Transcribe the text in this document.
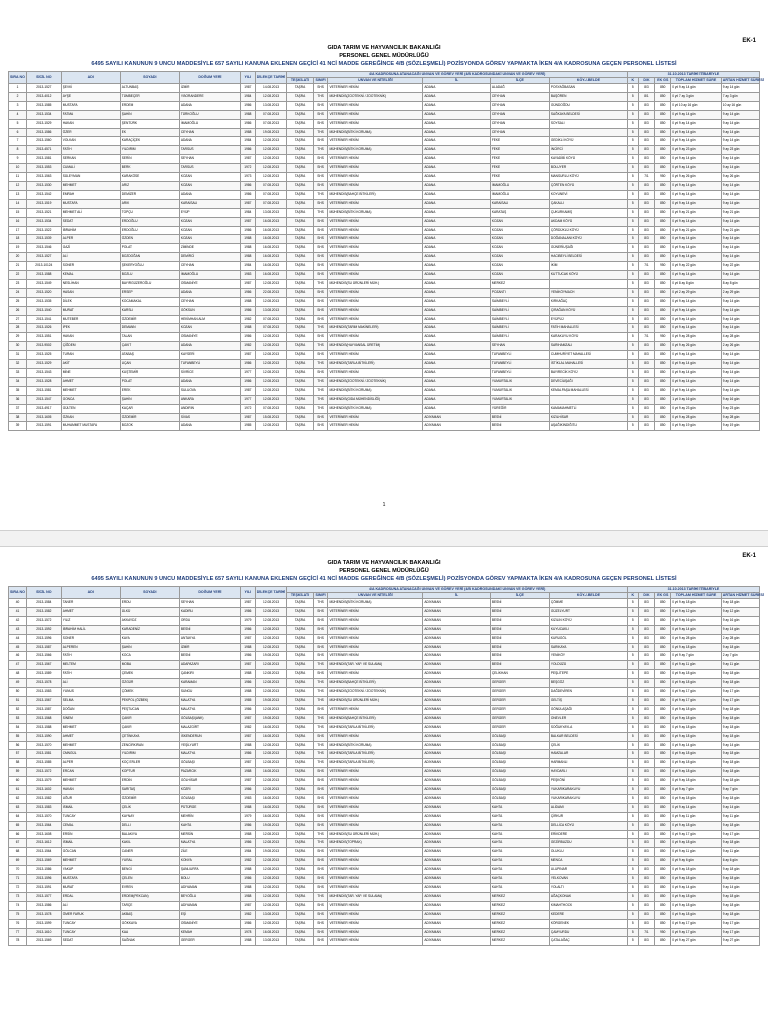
EK-1
GIDA TARIM VE HAYVANCILIK BAKANLIĞI
PERSONEL GENEL MÜDÜRLÜĞÜ
6495 SAYILI KANUNUN 9 UNCU MADDESİYLE 657 SAYILI KANUNA EKLENEN GEÇİCİ 41 NCİ MADDE GEREĞİNCE 4/B (SÖZLEŞMELİ) POZİSYONDA GÖREV YAPMAKTA İKEN 4/A KADROSUNA GEÇEN PERSONEL LİSTESİ
SIRA NO	SİCİL NO	ADI	SOYADI	DOĞUM YERİ	YILI	DİLEKÇE TARİHİ	4/A KADROSUNA ATANACAĞI UNVAN VE GÖREV YERİ (4/B KADROSUNDAKİ UNVAN VE GÖREV YERİ)						31.10.2013 TARİHİ İTİBARİYLE				
							TEŞKİLATI	SINIFI	UNVAN VE NİTELİĞİ	İL	İLÇE	KÖY-/-BELDE	K	D/K	EK GS	TOPLAM HİZMET SÜRE	ARTAN HİZMET SÜRESİ
1	2013-1527	ŞEVKİ	ALTUNBAŞ	İZMİR	1987	14.08.2013	TAŞRA	SHS	VETERİNER HEKİM	ADANA	ALADAĞ	POSYAĞBASAN	5	8/3	850	0 yıl 9 ay 14 gün	9 ay 14 gün
2	2013-4012	AYŞE	TÜMBEÇER	Y.BORANDERE	1984	12.08.2013	TAŞRA	THS	MÜHENDİS(ZOOTEKNİ / ZOOTEKNİK)	ADANA	CEYHAN	BAŞÖREN	5	8/1	850	0 yıl 7 ay 3 gün	7 ay 3 gün
3	2013-1585	MUSTAFA	ERDEM	ADANA	1986	13.08.2013	TAŞRA	SHS	VETERİNER HEKİM	ADANA	CEYHAN	GÜNDOĞDU	5	8/3	850	0 yıl 10 ay 16 gün	10 ay 16 gün
4	2013-1534	FATMA	ŞAHİN	TÜRKOĞLU	1988	07.08.2013	TAŞRA	SHS	VETERİNER HEKİM	ADANA	CEYHAN	SAĞKAYA BELDESİ	5	8/3	850	0 yıl 9 ay 14 gün	9 ay 14 gün
5	2013-1529	HAKAN	ŞENTÜRK	İMAMOĞLU	1986	07.08.2013	TAŞRA	SHS	VETERİNER HEKİM	ADANA	CEYHAN	SOYSALI	5	8/3	850	0 yıl 9 ay 14 gün	9 ay 14 gün
6	2013-1586	ÖZER	EK	CEYHAN	1988	19.08.2013	TAŞRA	THS	MÜHENDİS(BİTKİ KORUMA)	ADANA	CEYHAN		5	8/3	850	0 yıl 9 ay 14 gün	9 ay 14 gün
7	2013-1560	VOLKAN	KARAÇİÇEK	ADANA	1984	12.08.2013	TAŞRA	SHS	VETERİNER HEKİM	ADANA	FEKE	GEDİKLİ KÖYÜ	5	8/3	850	0 yıl 9 ay 14 gün	9 ay 14 gün
8	2013-4571	FATİH	YILDIRIM	TARSUS	1986	12.08.2013	TAŞRA	THS	MÜHENDİS(BİTKİ KORUMA)	ADANA	FEKE	İNCİRCİ	5	8/3	850	0 yıl 9 ay 23 gün	9 ay 23 gün
9	2013-1581	SERKAN	SERİN	SEYHAN	1987	12.08.2013	TAŞRA	SHS	VETERİNER HEKİM	ADANA	FEKE	KAYADİBİ KÖYÜ	5	8/3	850	0 yıl 9 ay 14 gün	9 ay 14 gün
10	2013-1553	CUMALİ	BERK	TARSUS	1972	12.08.2013	TAŞRA	SHS	VETERİNER HEKİM	ADANA	FEKE	BOLUYER	5	8/3	850	0 yıl 9 ay 14 gün	9 ay 14 gün
11	2013-1563	SÜLEYMAN	KARAKÖSE	KOZAN	1973	12.08.2013	TAŞRA	SHS	VETERİNER HEKİM	ADANA	FEKE	MANSURLU KÖYÜ	5	7/1	950	0 yıl 9 ay 26 gün	9 ay 26 gün
12	2013-1530	MEHMET	ARIZ	KOZAN	1986	07.08.2013	TAŞRA	SHS	VETERİNER HEKİM	ADANA	İMAMOĞLU	ÇÖRTEN KÖYÜ	5	8/3	850	0 yıl 9 ay 14 gün	9 ay 14 gün
13	2013-1542	EMRAH	DEMİZER	ADANA	1986	07.08.2013	TAŞRA	THS	MÜHENDİS(BAHÇE BİTKİLERİ)	ADANA	İMAMOĞLU	KOYUNEVİ	5	8/3	850	0 yıl 9 ay 14 gün	9 ay 14 gün
14	2013-1519	MUSTAFA	ARIK	KARAİSALI	1987	07.08.2013	TAŞRA	SHS	VETERİNER HEKİM	ADANA	KARAİSALI	ÇAKALLI	5	8/3	850	0 yıl 9 ay 14 gün	9 ay 14 gün
15	2013-1521	MEHMET ALİ	TOPÇU	EYÜP	1984	13.08.2013	TAŞRA	THS	MÜHENDİS(BİTKİ KORUMA)	ADANA	KARATAŞ	ÇUKURKAMIŞ	5	8/3	850	0 yıl 9 ay 21 gün	9 ay 21 gün
16	2013-1534	SEDAT	ERDOĞLU	KOZAN	1987	16.08.2013	TAŞRA	SHS	VETERİNER HEKİM	ADANA	KOZAN	AKDAM KÖYÜ	5	8/3	850	0 yıl 9 ay 14 gün	9 ay 14 gün
17	2013-1522	İBRAHİM	ERDOĞLU	KOZAN	1986	16.08.2013	TAŞRA	SHS	VETERİNER HEKİM	ADANA	KOZAN	ÇÖRDÜKLÜ KÖYÜ	5	8/3	850	0 yıl 9 ay 21 gün	9 ay 21 gün
18	2013-1539	ALPER	ÖZDEN	KOZAN	1988	16.08.2013	TAŞRA	SHS	VETERİNER HEKİM	ADANA	KOZAN	DOĞANALANI KÖYÜ	5	8/3	850	0 yıl 9 ay 14 gün	9 ay 14 gün
19	2013-1546	GAZİ	POLAT	ZİMİNDE	1988	16.08.2013	TAŞRA	SHS	VETERİNER HEKİM	ADANA	KOZAN	GÜNERİUŞAĞI	5	8/3	850	0 yıl 9 ay 14 gün	9 ay 14 gün
20	2013-1527	ALİ	BOZDOĞAN	DEMİRCİ	1988	16.08.2013	TAŞRA	SHS	VETERİNER HEKİM	ADANA	KOZAN	HACIBEYLİ BELDESİ	5	8/3	850	0 yıl 9 ay 14 gün	9 ay 14 gün
21	2013-10124	SONER	ŞEKERYOĞLU	CEYHAN	1984	16.08.2013	TAŞRA	SHS	VETERİNER HEKİM	ADANA	KOZAN	İKİM	5	7/1	950	0 yıl 9 ay 22 gün	9 ay 22 gün
22	2013-1588	KEMAL	BOZLU	İMAMOĞLU	1983	16.08.2013	TAŞRA	SHS	VETERİNER HEKİM	ADANA	KOZAN	KUTTUCAK KÖYÜ	5	8/3	850	0 yıl 9 ay 14 gün	9 ay 14 gün
23	2013-1549	NESLİHAN	BAYIRGÜZEROĞLU	OSMANİYE	1987	12.08.2013	TAŞRA	THS	MÜHENDİS(SU ÜRÜNLERİ MÜH.)	ADANA	MERKEZ		5	8/3	850	0 yıl 8 ay 8 gün	8 ay 8 gün
24	2013-1520	HASAN	ERSEP	ADANA	1986	22.08.2013	TAŞRA	SHS	VETERİNER HEKİM	ADANA	POZANTI	YENİKÖYMACH	5	8/3	850	0 yıl 2 ay 29 gün	2 ay 29 gün
25	2013-1535	DİLEK	KOCAMAKAL	CEYHAN	1988	12.08.2013	TAŞRA	SHS	VETERİNER HEKİM	ADANA	SAİMBEYLİ	KIRKAĞAÇ	5	8/3	850	0 yıl 9 ay 14 gün	9 ay 14 gün
26	2013-1540	MURAT	KARSLI	GÖKSUN	1986	13.08.2013	TAŞRA	SHS	VETERİNER HEKİM	ADANA	SAİMBEYLİ	ÇIRAĞAN KÖYÜ	5	8/3	850	0 yıl 9 ay 14 gün	9 ay 14 gün
27	2013-1541	MUTEBER	ÖZDEMİR	HEKİMHAN ALM	1982	07.08.2013	TAŞRA	SHS	VETERİNER HEKİM	ADANA	SAİMBEYLİ	EYÜPLÜ	5	8/3	850	0 yıl 9 ay 14 gün	9 ay 14 gün
28	2013-1526	İPEK	DEMANN	KOZAN	1988	07.08.2013	TAŞRA	THS	MÜHENDİS(TARIM MAKİNELERİ)	ADANA	SAİMBEYLİ	FATİH MAHALLESİ	5	8/3	850	0 yıl 9 ay 14 gün	9 ay 14 gün
29	2013-1551	HAKAN	TALAN	OSMANİYE	1986	12.08.2013	TAŞRA	SHS	VETERİNER HEKİM	ADANA	SAİMBEYLİ	KARAKUYU KÖYÜ	5	7/1	950	0 yıl 9 ay 28 gün	4 ay 28 gün
30	2013-9502	ÇİĞDEM	ÇAKIT	ADANA	1982	12.08.2013	TAŞRA	THS	MÜHENDİS(HAYVANSAL ÜRETİM)	ADANA	SEYHAN	SARIHAMZALI	5	8/3	850	0 yıl 9 ay 26 gün	2 ay 26 gün
31	2013-1525	TURAN	ATABAŞ	KAYSERİ	1987	12.08.2013	TAŞRA	SHS	VETERİNER HEKİM	ADANA	TUFANBEYLİ	CUMHURİYET MAHALLESİ	5	8/3	850	0 yıl 9 ay 14 gün	9 ay 14 gün
32	2013-1529	AKİT	UÇAN	TUFANBEYLİ	1986	12.08.2013	TAŞRA	THS	MÜHENDİS(TARLA BİTKİLERİ)	ADANA	TUFANBEYLİ	İSTİKLAL MAHALLESİ	5	8/3	850	0 yıl 9 ay 14 gün	9 ay 14 gün
33	2013-1543	MİNE	KUŞTEMİR	SİVRİCE	1977	12.08.2013	TAŞRA	SHS	VETERİNER HEKİM	ADANA	TUFANBEYLİ	BAYIRECİK KÖYÜ	5	8/3	850	0 yıl 9 ay 14 gün	9 ay 14 gün
34	2013-1528	AHMET	POLAT	ADANA	1986	12.08.2013	TAŞRA	THS	MÜHENDİS(ZOOTEKNİ / ZOOTEKNİK)	ADANA	YUMURTALIK	DEVECİUŞAĞI	5	8/3	850	0 yıl 9 ay 14 gün	9 ay 14 gün
35	2013-1581	MEHMET	EREK	SULUOVA	1987	12.08.2013	TAŞRA	THS	MÜHENDİS(BİTKİ KORUMA)	ADANA	YUMURTALIK	KEMALPAŞA MAHALLESİ	5	8/3	850	0 yıl 9 ay 14 gün	9 ay 14 gün
36	2013-1547	GONCA	ŞAHİN	ANKARA	1977	12.08.2013	TAŞRA	THS	MÜHENDİS(GIDA MÜHENDİSLİĞİ)	ADANA	YUMURTALIK		5	8/3	850	1 yıl 0 ay 16 gün	9 ay 16 gün
37	2013-4917	GÜLTEN	KAÇAR	ANDIRIN	1972	07.08.2013	TAŞRA	THS	MÜHENDİS(BİTKİ KORUMA)	ADANA	YÜREĞİR	KAMAMAHMETLİ	5	8/3	850	0 yıl 9 ay 23 gün	9 ay 23 gün
38	2013-1605	ÖZKAN	ÖZDEMİR	SİVAS	1987	15.08.2013	TAŞRA	SHS	VETERİNER HEKİM	ADIYAMAN	BESNİ	KIZILHİSAR	5	8/3	850	0 yıl 9 ay 28 gün	9 ay 28 gün
39	2013-1591	MUHAMMET MUSTAFA	BOZOK	ADANA	1985	12.08.2013	TAŞRA	SHS	VETERİNER HEKİM	ADIYAMAN	BESNİ	AŞAĞIKINDIĞITLI	5	8/3	850	0 yıl 9 ay 19 gün	9 ay 19 gün
1
EK-1
GIDA TARIM VE HAYVANCILIK BAKANLIĞI
PERSONEL GENEL MÜDÜRLÜĞÜ
6495 SAYILI KANUNUN 9 UNCU MADDESİYLE 657 SAYILI KANUNA EKLENEN GEÇİCİ 41 NCİ MADDE GEREĞİNCE 4/B (SÖZLEŞMELİ) POZİSYONDA GÖREV YAPMAKTA İKEN 4/A KADROSUNA GEÇEN PERSONEL LİSTESİ
SIRA NO	SİCİL NO	ADI	SOYADI	DOĞUM YERİ	YILI	DİLEKÇE TARİHİ	4/A KADROSUNA ATANACAĞI UNVAN VE GÖREV YERİ (4/B KADROSUNDAKİ UNVAN VE GÖREV YERİ)						31.10.2013 TARİHİ İTİBARİYLE				
							TEŞKİLATI	SINIFI	UNVAN VE NİTELİĞİ	İL	İLÇE	KÖY-/-BELDE	K	D/K	EK GS	TOPLAM HİZMET SÜRE	ARTAN HİZMET SÜRESİ
40	2013-1584	TANER	ERDU	SEYHAN	1987	12.08.2013	TAŞRA	THS	MÜHENDİS(BİTKİ KORUMA)	ADIYAMAN	BESNİ	ÇÖMME	5	8/3	850	0 yıl 9 ay 18 gün	9 ay 18 gün
41	2013-1582	AHMET	ÜLKÜ	KADIRLI	1986	12.08.2013	TAŞRA	SHS	VETERİNER HEKİM	ADIYAMAN	BESNİ	GÜZELYURT	5	8/3	850	0 yıl 9 ay 12 gün	9 ay 12 gün
42	2013-1572	YILIZ	AKKAYDZ	ORDU	1979	12.08.2013	TAŞRA	SHS	VETERİNER HEKİM	ADIYAMAN	BESNİ	KIZILIN KÖYÜ	5	8/3	850	0 yıl 9 ay 16 gün	9 ay 16 gün
43	2013-1592	İBRAHİM HALİL	KARADENİZ	BESNİ	1986	12.08.2013	TAŞRA	SHS	VETERİNER HEKİM	ADIYAMAN	BESNİ	KUYUCAKLI	5	8/3	850	0 yıl 9 ay 14 gün	9 ay 14 gün
44	2013-1596	SONER	KAYA	ANTAKYA	1987	12.08.2013	TAŞRA	SHS	VETERİNER HEKİM	ADIYAMAN	BESNİ	KURUGÖL	5	8/3	850	0 yıl 9 ay 28 gün	2 ay 28 gün
45	2013-1587	ALPEREN	ŞAHİN	İZMİR	1988	12.08.2013	TAŞRA	SHS	VETERİNER HEKİM	ADIYAMAN	BESNİ	SARIKAYA	5	8/3	850	0 yıl 9 ay 18 gün	9 ay 18 gün
46	2013-1566	FATİH	KOCA	BESNİ	1986	19.08.2013	TAŞRA	SHS	VETERİNER HEKİM	ADIYAMAN	BESNİ	YENİKÖY	5	8/3	850	0 yıl 9 ay 7 gün	2 ay 7 gün
47	2013-1567	MELTEM	MOBA	ADAPAZARI	1987	12.08.2013	TAŞRA	THS	MÜHENDİS(TAR. YAP. VE SULAMA)	ADIYAMAN	BESNİ	YOLDÜZÜ	5	8/3	850	0 yıl 9 ay 11 gün	9 ay 11 gün
48	2013-1589	FATİH	ÇEMEK	ÇANKIRI	1988	12.08.2013	TAŞRA	SHS	VETERİNER HEKİM	ADIYAMAN	ÇELİKHAN	PEŞLİTEPE	5	8/3	850	0 yıl 9 ay 18 gün	9 ay 18 gün
49	2013-1578	ALİ	ÖZGÜR	KARAMAN	1986	12.08.2013	TAŞRA	THS	MÜHENDİS(BAHÇE BİTKİLERİ)	ADIYAMAN	GERGER	BEŞGÖZ	5	8/3	850	0 yıl 9 ay 18 gün	9 ay 18 gün
50	2013-1583	YUNUS	ÇÖMEK	SUNGU	1988	12.08.2013	TAŞRA	THS	MÜHENDİS(ZOOTEKNİ / ZOOTEKNİK)	ADIYAMAN	GERGER	DAĞDEVİREN	5	8/3	850	0 yıl 9 ay 17 gün	9 ay 17 gün
51	2013-1567	SELMA	PEKPOL (ÖZBEK)	MALATYA	1985	19.08.2013	TAŞRA	THS	MÜHENDİS(SU ÜRÜNLERİ MÜH.)	ADIYAMAN	GERGER	GELTİŞ	5	8/3	850	0 yıl 9 ay 17 gün	9 ay 17 gün
52	2013-1587	DOĞAN	PEŞTUCAN	MALATYA	1986	12.08.2013	TAŞRA	SHS	VETERİNER HEKİM	ADIYAMAN	GERGER	GÖNÜLAŞAĞI	5	8/3	850	0 yıl 9 ay 18 gün	9 ay 18 gün
53	2013-1568	SİNEM	ÇAKIR	GÖLBAŞI(ANK)	1987	19.08.2013	TAŞRA	THS	MÜHENDİS(BAHÇE BİTKİLERİ)	ADIYAMAN	GERGER	ONEVLER	5	8/3	850	0 yıl 9 ay 18 gün	9 ay 18 gün
54	2013-1588	MEHMET	ÇAKIR	MALAZGİRT	1982	16.08.2013	TAŞRA	THS	MÜHENDİS(TARLA BİTKİLERİ)	ADIYAMAN	GERGER	SOĞUKYAYLA	5	8/3	850	0 yıl 9 ay 18 gün	9 ay 18 gün
55	2013-1590	AHMET	ÇETİNKAYA	İSKENDERUN	1987	16.08.2013	TAŞRA	SHS	VETERİNER HEKİM	ADIYAMAN	GÖLBAŞI	BALKAR BELDESİ	5	8/3	850	0 yıl 9 ay 18 gün	9 ay 18 gün
56	2013-1570	MEHMET	ZENCİRKIRAN	YEŞİLYURT	1988	12.08.2013	TAŞRA	THS	MÜHENDİS(BİTKİ KORUMA)	ADIYAMAN	GÖLBAŞI	ÇELİK	5	8/3	850	0 yıl 9 ay 14 gün	9 ay 14 gün
57	2013-1581	CMNGÜL	YILDIRIM	MALATYA	1986	12.08.2013	TAŞRA	THS	MÜHENDİS(TARLA BİTKİLERİ)	ADIYAMAN	GÖLBAŞI	HAMZALAR	5	8/3	850	0 yıl 9 ay 18 gün	9 ay 18 gün
58	2013-1585	ALPER	KOÇ ERLER	GÖLBAŞI	1987	12.08.2013	TAŞRA	THS	MÜHENDİS(TARLA BİTKİLERİ)	ADIYAMAN	GÖLBAŞI	HARMANLI	5	8/3	850	0 yıl 9 ay 18 gün	9 ay 18 gün
59	2013-1572	ERCAN	KOPTUR	PAZARCIK	1988	16.08.2013	TAŞRA	SHS	VETERİNER HEKİM	ADIYAMAN	GÖLBAŞI	HAYDARLI	5	8/3	850	0 yıl 9 ay 18 gün	9 ay 18 gün
60	2013-1579	MEHMET	ERDİN	GÖLHİSAR	1987	12.08.2013	TAŞRA	SHS	VETERİNER HEKİM	ADIYAMAN	GÖLBAŞI	PEŞKÖNİ	5	8/3	850	0 yıl 9 ay 18 gün	9 ay 18 gün
61	2013-1602	HAKAN	SARITAŞ	KÖZRİ	1986	12.08.2013	TAŞRA	SHS	VETERİNER HEKİM	ADIYAMAN	GÖLBAŞI	YUKARIKARAKUYU	5	8/3	850	0 yıl 9 ay 7 gün	9 ay 7 gün
62	2013-1582	UĞUR	ÖZDEMİR	GÖLBAŞI	1983	16.08.2013	TAŞRA	SHS	VETERİNER HEKİM	ADIYAMAN	GÖLBAŞI	YUKARIKARAKUYU	5	8/3	850	0 yıl 9 ay 18 gün	9 ay 18 gün
63	2013-1583	İSMAİL	ÇELİK	PÜTÜRGE	1988	16.08.2013	TAŞRA	SHS	VETERİNER HEKİM	ADIYAMAN	KAHTA	ALİDAMI	5	8/3	850	0 yıl 9 ay 14 gün	9 ay 14 gün
64	2013-1570	TUNCAY	KAYNAY	MEHRİN	1979	16.08.2013	TAŞRA	SHS	VETERİNER HEKİM	ADIYAMAN	KAHTA	ÇİRKUR	5	8/3	850	0 yıl 9 ay 11 gün	9 ay 11 gün
65	2013-1564	CEMAL	DELLI	KAHTA	1986	19.08.2013	TAŞRA	SHS	VETERİNER HEKİM	ADIYAMAN	KAHTA	DELLİCA KÖYÜ	5	8/3	850	0 yıl 9 ay 18 gün	9 ay 18 gün
66	2013-1608	ERSİN	BALAKIYA	MERSİN	1988	12.08.2013	TAŞRA	THS	MÜHENDİS(SU ÜRÜNLERİ MÜH.)	ADIYAMAN	KAHTA	ERİKDERE	5	8/3	850	0 yıl 9 ay 17 gün	9 ay 17 gün
67	2013-1612	İSMAİL	KAKIL	MALATYA	1986	12.08.2013	TAŞRA	THS	MÜHENDİS(TOPRAK)	ADIYAMAN	KAHTA	GEZİRBUZDU	5	8/3	850	0 yıl 9 ay 18 gün	9 ay 18 gün
68	2013-1564	GÖLCAN	CANER	ZİLE	1984	19.08.2013	TAŞRA	SHS	VETERİNER HEKİM	ADIYAMAN	KAHTA	OLUKLU	5	8/3	850	0 yıl 9 ay 11 gün	9 ay 11 gün
69	2013-1569	MEHMET	YURAL	KONYA	1982	12.08.2013	TAŞRA	SHS	VETERİNER HEKİM	ADIYAMAN	KAHTA	MENCA	5	8/3	850	0 yıl 9 ay 6 gün	6 ay 6 gün
70	2013-1586	YAKUP	BENGİ	ŞANLIURFA	1988	12.08.2013	TAŞRA	SHS	VETERİNER HEKİM	ADIYAMAN	KAHTA	ULUPINAR	5	8/3	850	0 yıl 9 ay 18 gün	9 ay 18 gün
71	2013-1596	MUSTAFA	ÇELEN	BOLU	1986	12.08.2013	TAŞRA	SHS	VETERİNER HEKİM	ADIYAMAN	KAHTA	YELKOVAN	5	8/3	850	0 yıl 9 ay 18 gün	9 ay 18 gün
72	2013-1591	MURAT	EVREN	ADIYAMAN	1988	12.08.2013	TAŞRA	SHS	VETERİNER HEKİM	ADIYAMAN	KAHTA	YOLALTI	5	8/3	850	0 yıl 9 ay 14 gün	9 ay 14 gün
73	2013-1577	ERDAL	ERDEM(PEKCAN)	BEYOĞLU	1988	12.08.2013	TAŞRA	THS	MÜHENDİS(TAR. YAP. VE SULAMA)	ADIYAMAN	MERKEZ	AĞAÇKONAK	5	8/3	850	0 yıl 9 ay 18 gün	9 ay 18 gün
74	2013-1586	ALİ	TARÇE	ADIYAMAN	1987	12.08.2013	TAŞRA	SHS	VETERİNER HEKİM	ADIYAMAN	MERKEZ	KIMAHTHOCK	5	8/3	850	0 yıl 9 ay 18 gün	9 ay 18 gün
75	2013-1578	ÖMER FARUK	AKBAŞ	EŞİ	1982	13.08.2013	TAŞRA	SHS	VETERİNER HEKİM	ADIYAMAN	MERKEZ	KEDERE	5	8/3	850	0 yıl 9 ay 18 gün	9 ay 18 gün
76	2013-1599	TUNCAY	GÖKKAYA	OSMANİYE	1986	12.08.2013	TAŞRA	SHS	VETERİNER HEKİM	ADIYAMAN	MERKEZ	KÖRGENEK	5	8/3	850	0 yıl 9 ay 17 gün	9 ay 17 gün
77	2013-1610	TUNCAY	KAA	KEMAH	1978	16.08.2013	TAŞRA	SHS	VETERİNER HEKİM	ADIYAMAN	MERKEZ	ÇAMYURDU	5	7/1	950	0 yıl 9 ay 17 gün	9 ay 17 gün
78	2013-1569	SEDAT	SAĞNAK	GERGER	1988	13.08.2013	TAŞRA	SHS	VETERİNER HEKİM	ADIYAMAN	MERKEZ	ÇATALAĞAÇ	5	8/3	850	0 yıl 9 ay 27 gün	9 ay 27 gün
